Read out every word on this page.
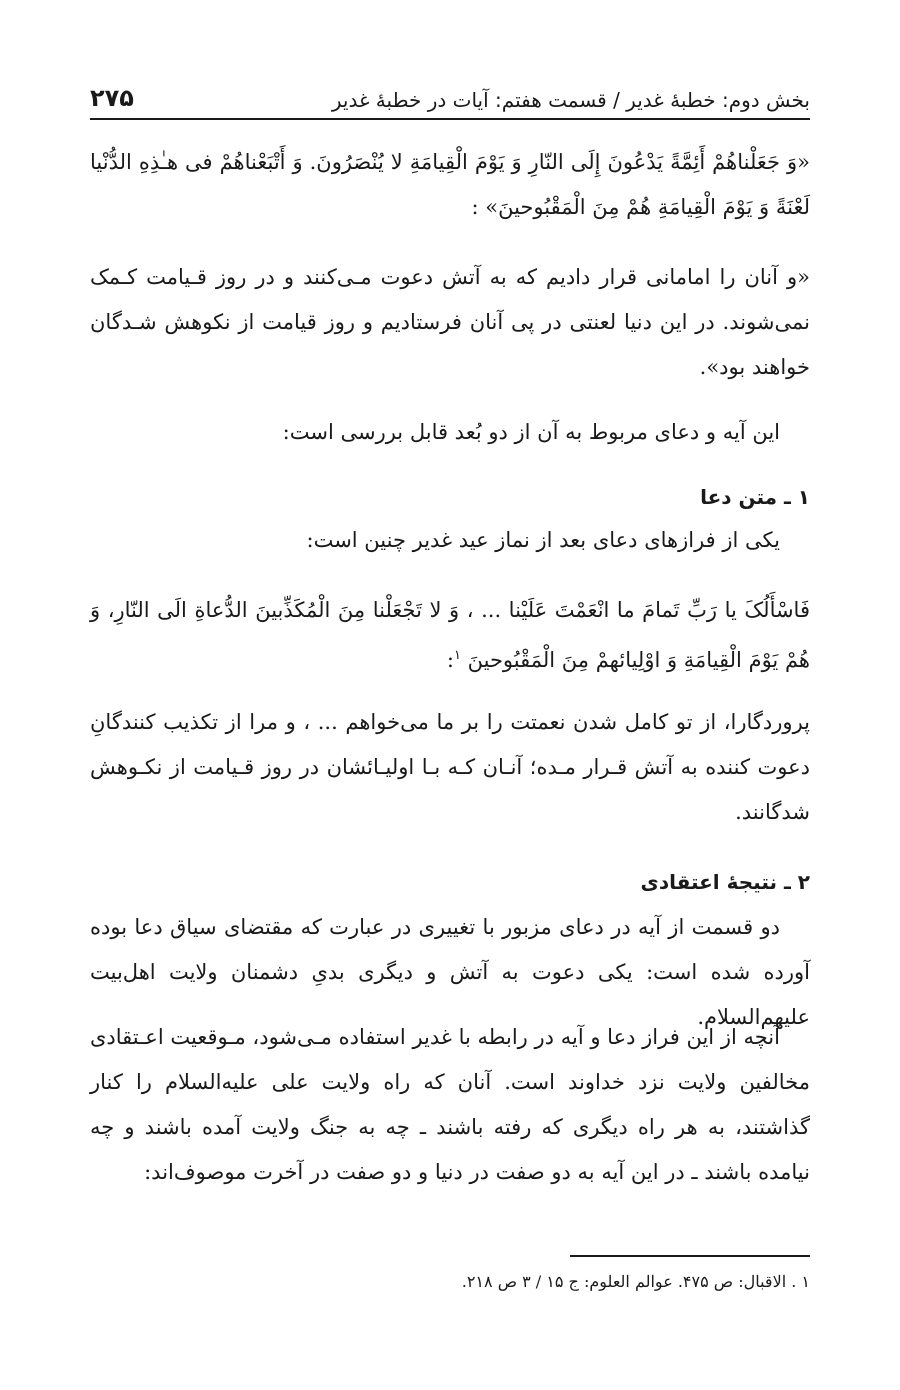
بخش دوم: خطبهٔ غدیر / قسمت هفتم: آیات در خطبهٔ غدیر
۲۷۵

«وَ جَعَلْناهُمْ أَئِمَّةً یَدْعُونَ إِلَی النّارِ وَ یَوْمَ الْقِیامَةِ لا یُنْصَرُونَ. وَ أَتْبَعْناهُمْ فی هـٰذِهِ الدُّنْیا لَعْنَةً وَ یَوْمَ الْقِیامَةِ هُمْ مِنَ الْمَقْبُوحینَ» :

«و آنان را امامانی قرار دادیم که به آتش دعوت مـی‌کنند و در روز قـیامت کـمک نمی‌شوند. در این دنیا لعنتی در پی آنان فرستادیم و روز قیامت از نکوهش شـدگان خواهند بود».

این آیه و دعای مربوط به آن از دو بُعد قابل بررسی است:

۱ ـ متن دعا

یکی از فرازهای دعای بعد از نماز عید غدیر چنین است:

فَاسْأَلُکَ یا رَبِّ تَمامَ ما انْعَمْتَ عَلَیْنا ... ، وَ لا تَجْعَلْنا مِنَ الْمُکَذِّبینَ الدُّعاةِ الَی النّارِ، وَ هُمْ یَوْمَ الْقِیامَةِ وَ اوْلِیائهمْ مِنَ الْمَقْبُوحینَ $^۱$:

پروردگارا، از تو کامل شدن نعمتت را بر ما می‌خواهم ... ، و مرا از تکذیب کنندگانِ دعوت کننده به آتش قـرار مـده؛ آنـان کـه بـا اولیـائشان در روز قـیامت از نکـوهش شدگانند.

۲ ـ نتیجهٔ اعتقادی

دو قسمت از آیه در دعای مزبور با تغییری در عبارت که مقتضای سیاق دعا بوده آورده شده است: یکی دعوت به آتش و دیگری بدیِ دشمنان ولایت اهل‌بیت علیهم‌السلام.

آنچه از این فراز دعا و آیه در رابطه با غدیر استفاده مـی‌شود، مـوقعیت اعـتقادی مخالفین ولایت نزد خداوند است. آنان که راه ولایت علی علیه‌السلام را کنار گذاشتند، به هر راه دیگری که رفته باشند ـ چه به جنگ ولایت آمده باشند و چه نیامده باشند ـ در این آیه به دو صفت در دنیا و دو صفت در آخرت موصوف‌اند:

۱ . الاقبال: ص ۴۷۵. عوالم العلوم: ج ۱۵ / ۳ ص ۲۱۸.
